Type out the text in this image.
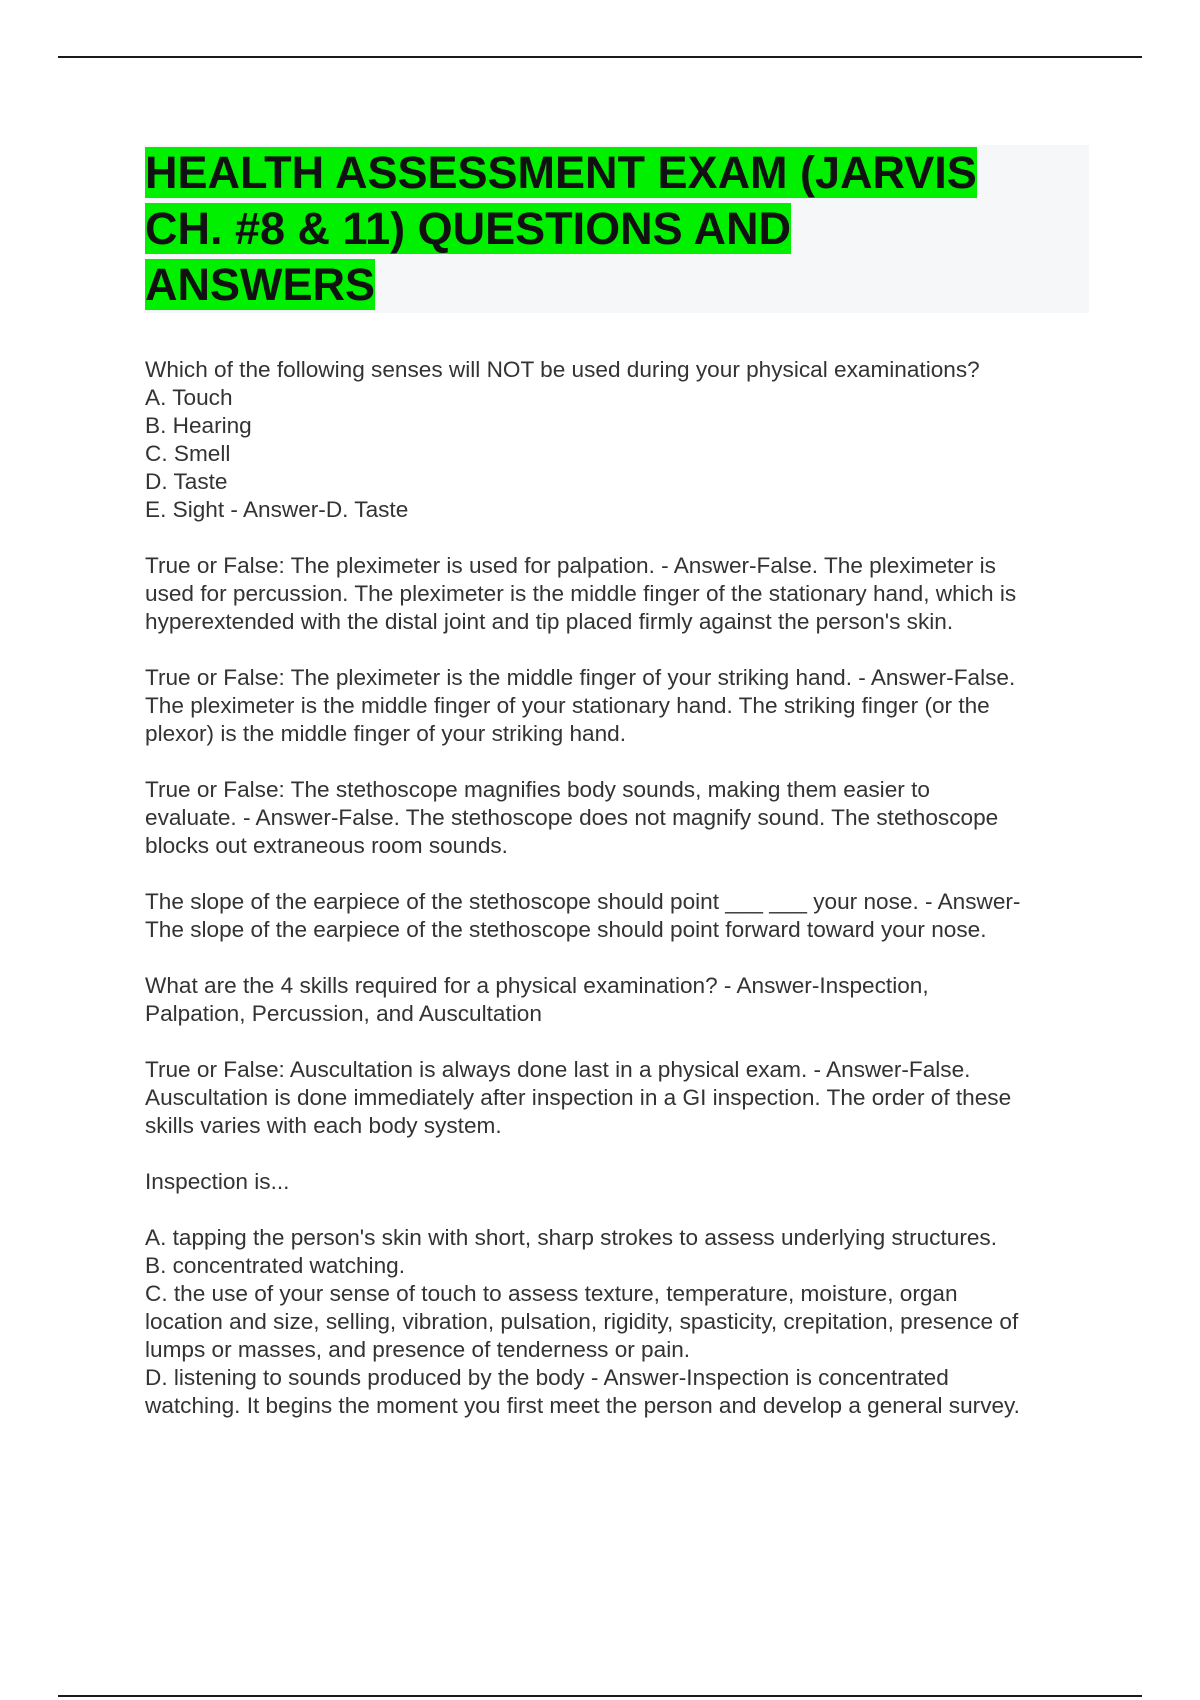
HEALTH ASSESSMENT EXAM (JARVIS
CH. #8 & 11) QUESTIONS AND
ANSWERS
Which of the following senses will NOT be used during your physical examinations?
A. Touch
B. Hearing
C. Smell
D. Taste
E. Sight - Answer-D. Taste
True or False: The pleximeter is used for palpation. - Answer-False. The pleximeter is
used for percussion. The pleximeter is the middle finger of the stationary hand, which is
hyperextended with the distal joint and tip placed firmly against the person's skin.
True or False: The pleximeter is the middle finger of your striking hand. - Answer-False.
The pleximeter is the middle finger of your stationary hand. The striking finger (or the
plexor) is the middle finger of your striking hand.
True or False: The stethoscope magnifies body sounds, making them easier to
evaluate. - Answer-False. The stethoscope does not magnify sound. The stethoscope
blocks out extraneous room sounds.
The slope of the earpiece of the stethoscope should point ___ ___ your nose. - Answer-
The slope of the earpiece of the stethoscope should point forward toward your nose.
What are the 4 skills required for a physical examination? - Answer-Inspection,
Palpation, Percussion, and Auscultation
True or False: Auscultation is always done last in a physical exam. - Answer-False.
Auscultation is done immediately after inspection in a GI inspection. The order of these
skills varies with each body system.
Inspection is...
A. tapping the person's skin with short, sharp strokes to assess underlying structures.
B. concentrated watching.
C. the use of your sense of touch to assess texture, temperature, moisture, organ
location and size, selling, vibration, pulsation, rigidity, spasticity, crepitation, presence of
lumps or masses, and presence of tenderness or pain.
D. listening to sounds produced by the body - Answer-Inspection is concentrated
watching. It begins the moment you first meet the person and develop a general survey.
